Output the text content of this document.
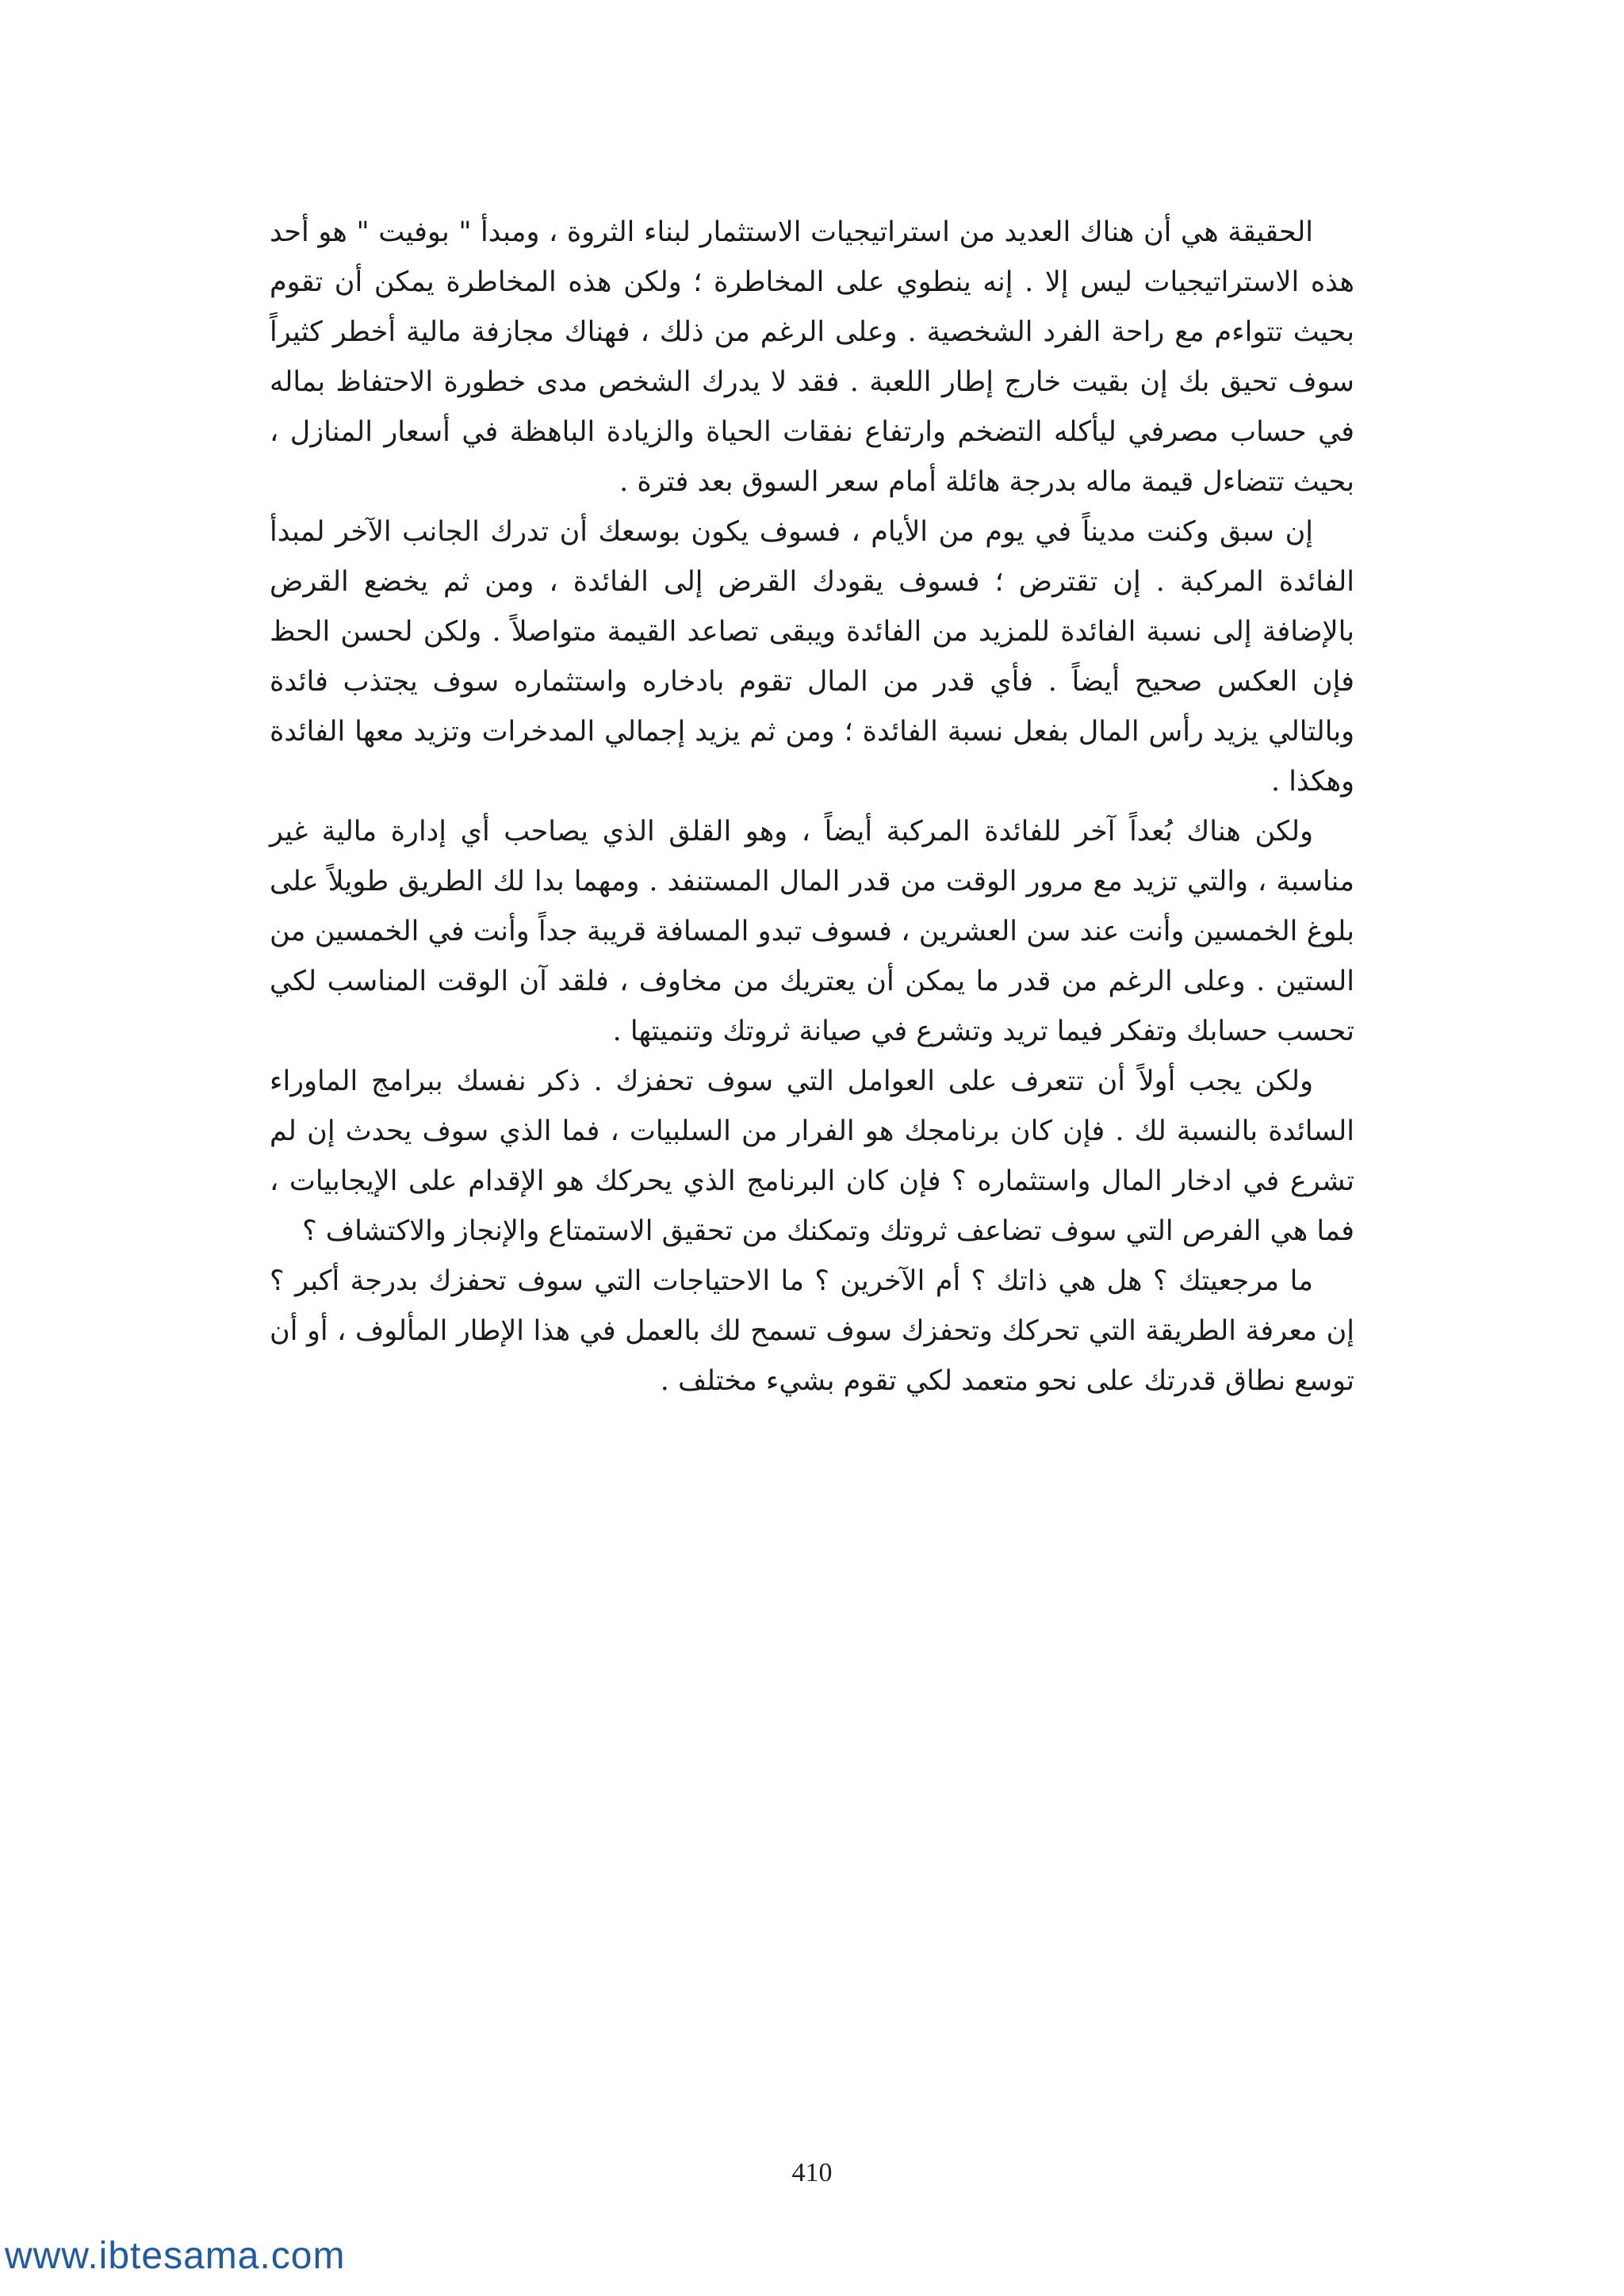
الحقيقة هي أن هناك العديد من استراتيجيات الاستثمار لبناء الثروة ، ومبدأ " بوفيت " هو أحد هذه الاستراتيجيات ليس إلا . إنه ينطوي على المخاطرة ؛ ولكن هذه المخاطرة يمكن أن تقوم بحيث تتواءم مع راحة الفرد الشخصية . وعلى الرغم من ذلك ، فهناك مجازفة مالية أخطر كثيراً سوف تحيق بك إن بقيت خارج إطار اللعبة . فقد لا يدرك الشخص مدى خطورة الاحتفاظ بماله في حساب مصرفي ليأكله التضخم وارتفاع نفقات الحياة والزيادة الباهظة في أسعار المنازل ، بحيث تتضاءل قيمة ماله بدرجة هائلة أمام سعر السوق بعد فترة .

إن سبق وكنت مديناً في يوم من الأيام ، فسوف يكون بوسعك أن تدرك الجانب الآخر لمبدأ الفائدة المركبة . إن تقترض ؛ فسوف يقودك القرض إلى الفائدة ، ومن ثم يخضع القرض بالإضافة إلى نسبة الفائدة للمزيد من الفائدة ويبقى تصاعد القيمة متواصلاً . ولكن لحسن الحظ فإن العكس صحيح أيضاً . فأي قدر من المال تقوم بادخاره واستثماره سوف يجتذب فائدة وبالتالي يزيد رأس المال بفعل نسبة الفائدة ؛ ومن ثم يزيد إجمالي المدخرات وتزيد معها الفائدة وهكذا .

ولكن هناك بُعداً آخر للفائدة المركبة أيضاً ، وهو القلق الذي يصاحب أي إدارة مالية غير مناسبة ، والتي تزيد مع مرور الوقت من قدر المال المستنفد . ومهما بدا لك الطريق طويلاً على بلوغ الخمسين وأنت عند سن العشرين ، فسوف تبدو المسافة قريبة جداً وأنت في الخمسين من الستين . وعلى الرغم من قدر ما يمكن أن يعتريك من مخاوف ، فلقد آن الوقت المناسب لكي تحسب حسابك وتفكر فيما تريد وتشرع في صيانة ثروتك وتنميتها .

ولكن يجب أولاً أن تتعرف على العوامل التي سوف تحفزك . ذكر نفسك ببرامج الماوراء السائدة بالنسبة لك . فإن كان برنامجك هو الفرار من السلبيات ، فما الذي سوف يحدث إن لم تشرع في ادخار المال واستثماره ؟ فإن كان البرنامج الذي يحركك هو الإقدام على الإيجابيات ، فما هي الفرص التي سوف تضاعف ثروتك وتمكنك من تحقيق الاستمتاع والإنجاز والاكتشاف ؟

ما مرجعيتك ؟ هل هي ذاتك ؟ أم الآخرين ؟ ما الاحتياجات التي سوف تحفزك بدرجة أكبر ؟ إن معرفة الطريقة التي تحركك وتحفزك سوف تسمح لك بالعمل في هذا الإطار المألوف ، أو أن توسع نطاق قدرتك على نحو متعمد لكي تقوم بشيء مختلف .

410
www.ibtesama.com
